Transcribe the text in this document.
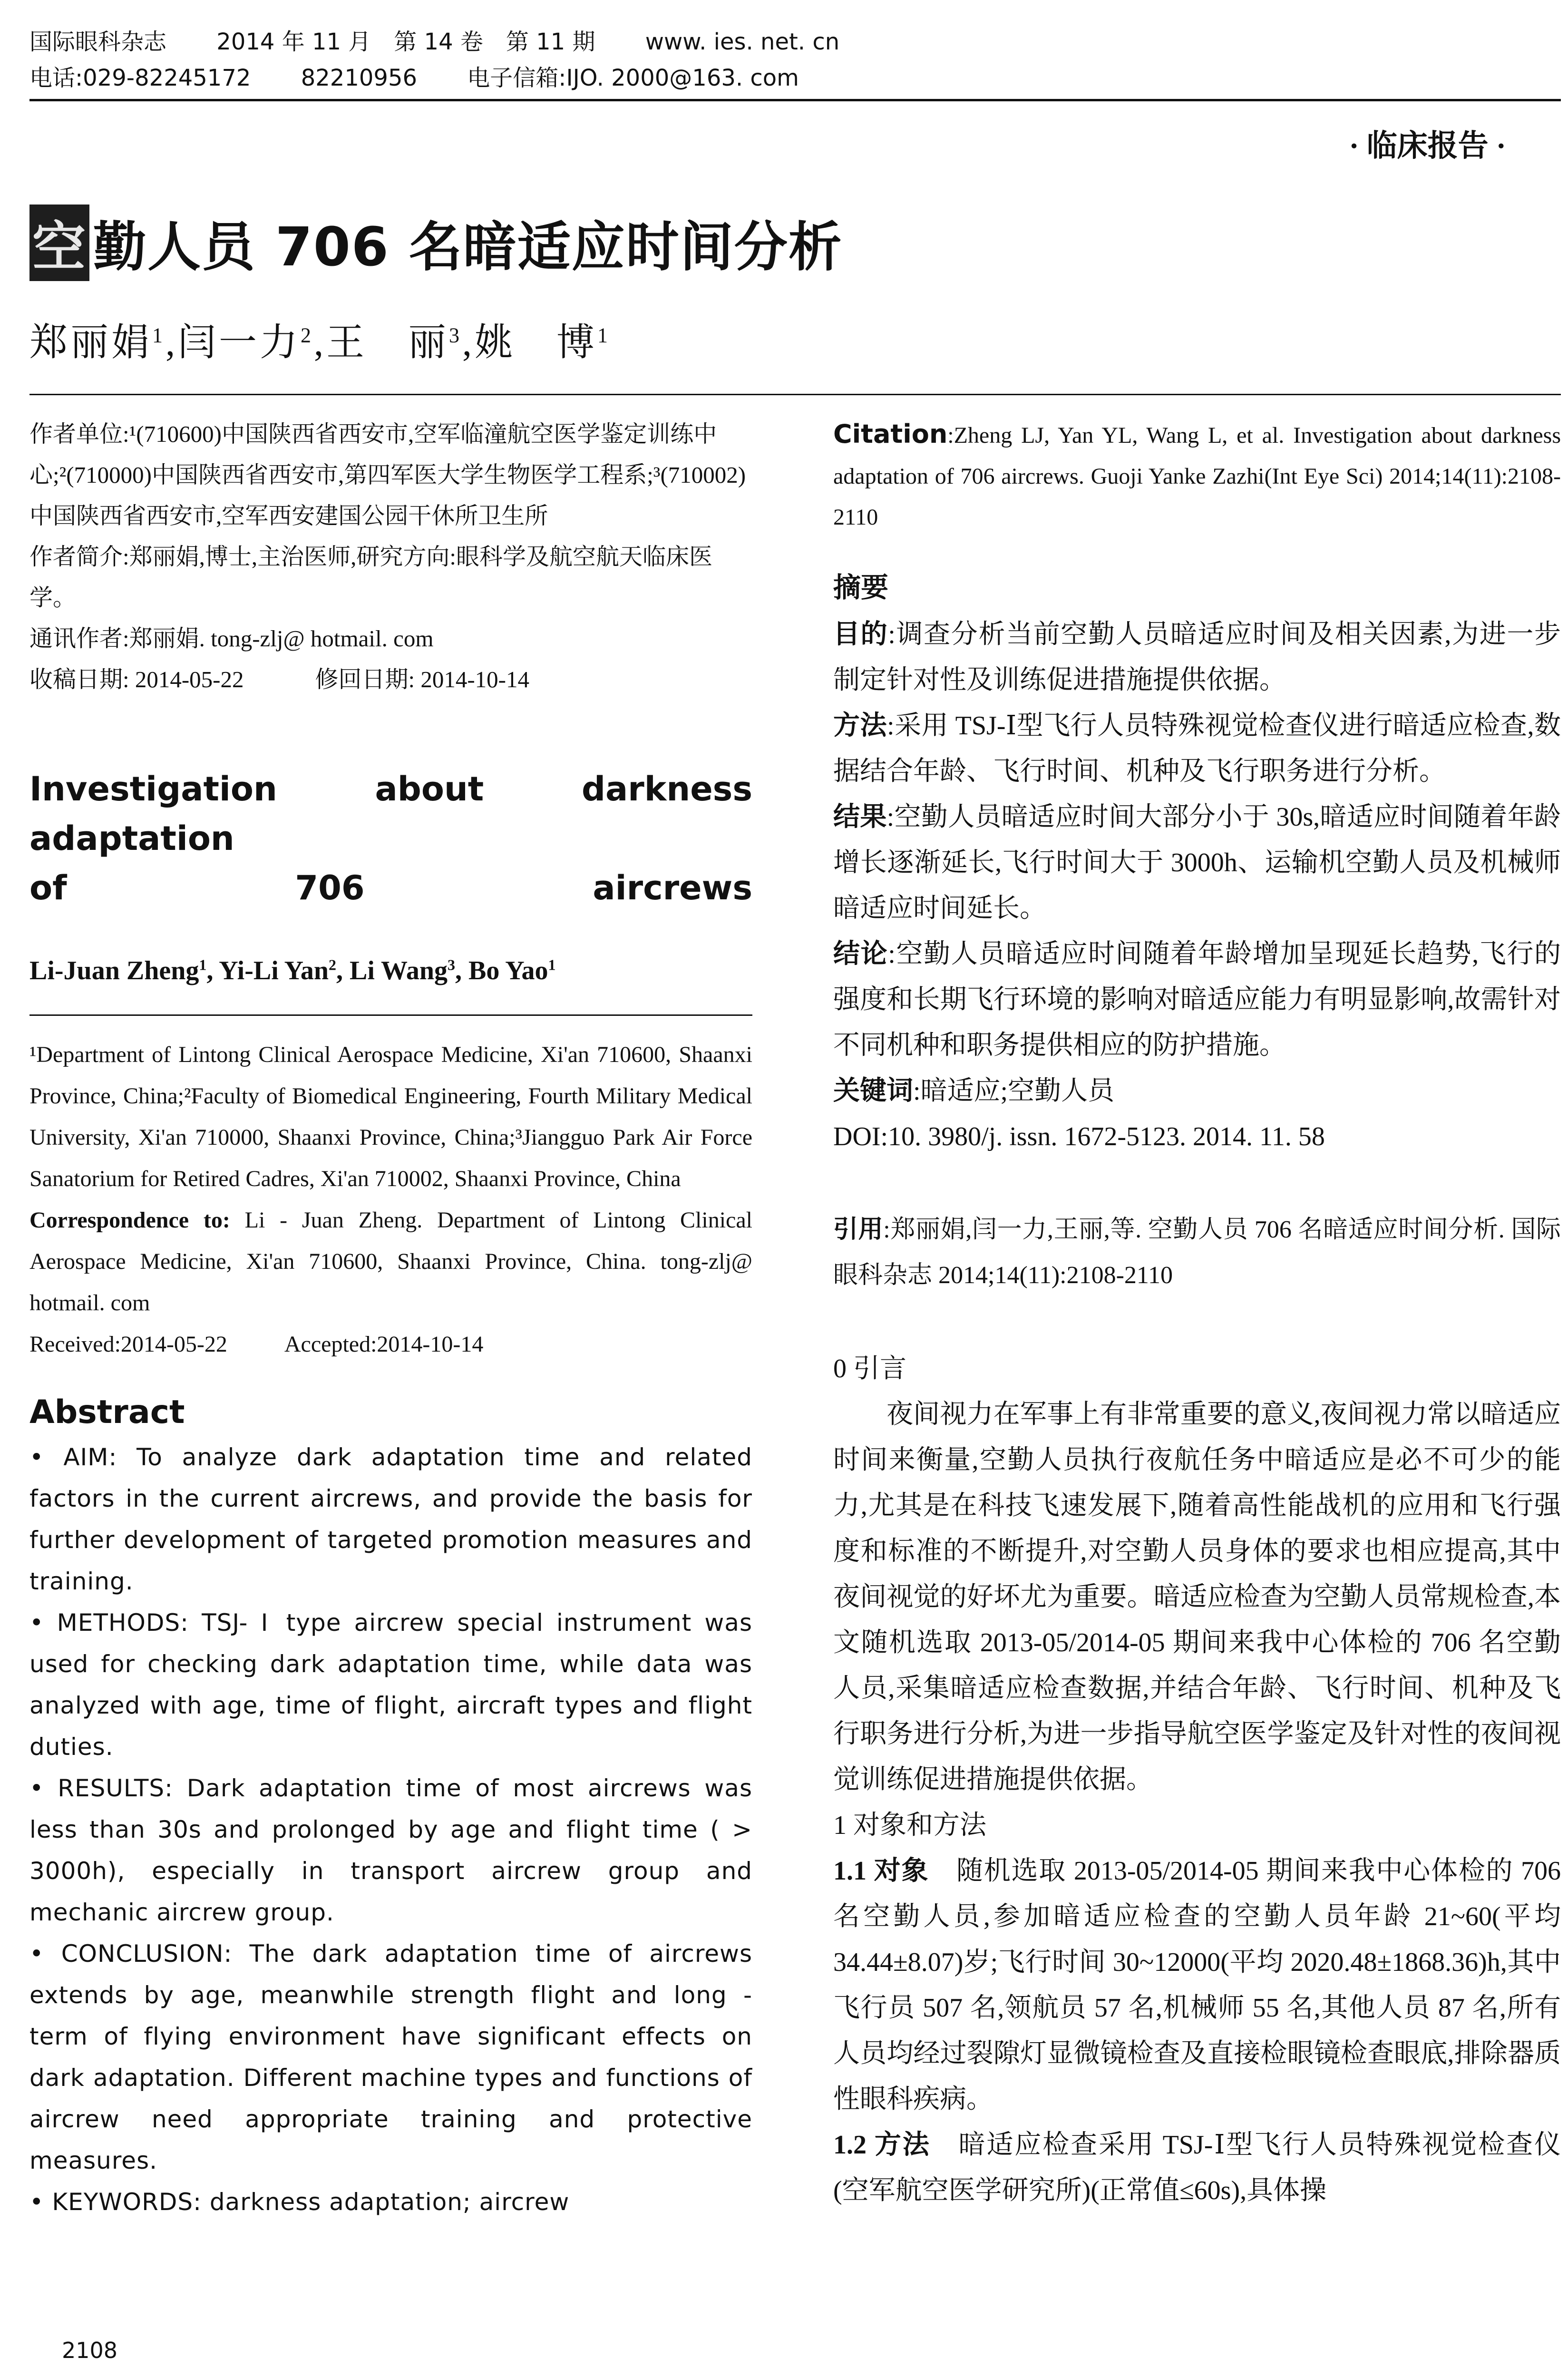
国际眼科杂志 2014 年 11 月　第 14 卷　第 11 期 www. ies. net. cn
电话:029-82245172 82210956 电子信箱:IJO. 2000@163. com
· 临床报告 ·
空 勤人员 706 名暗适应时间分析
郑丽娟$^1$,闫一力$^2$,王　丽$^3$,姚　博$^1$

作者单位:¹(710600)中国陕西省西安市,空军临潼航空医学鉴定训练中心;²(710000)中国陕西省西安市,第四军医大学生物医学工程系;³(710002)中国陕西省西安市,空军西安建国公园干休所卫生所

作者简介:郑丽娟,博士,主治医师,研究方向:眼科学及航空航天临床医学。

通讯作者:郑丽娟. tong-zlj@ hotmail. com

收稿日期: 2014-05-22	修回日期: 2014-10-14

Investigation about darkness adaptation
of 706 aircrews
Li-Juan Zheng$^1$, Yi-Li Yan$^2$, Li Wang$^3$, Bo Yao$^1$

¹Department of Lintong Clinical Aerospace Medicine, Xi'an 710600, Shaanxi Province, China;²Faculty of Biomedical Engineering, Fourth Military Medical University, Xi'an 710000, Shaanxi Province, China;³Jiangguo Park Air Force Sanatorium for Retired Cadres, Xi'an 710002, Shaanxi Province, China

Correspondence to: Li - Juan Zheng. Department of Lintong Clinical Aerospace Medicine, Xi'an 710600, Shaanxi Province, China. tong-zlj@ hotmail. com

Received:2014-05-22	Accepted:2014-10-14

Abstract

• AIM: To analyze dark adaptation time and related factors in the current aircrews, and provide the basis for further development of targeted promotion measures and training.

• METHODS: TSJ- Ⅰ type aircrew special instrument was used for checking dark adaptation time, while data was analyzed with age, time of flight, aircraft types and flight duties.

• RESULTS: Dark adaptation time of most aircrews was less than 30s and prolonged by age and flight time ( > 3000h), especially in transport aircrew group and mechanic aircrew group.

• CONCLUSION: The dark adaptation time of aircrews extends by age, meanwhile strength flight and long - term of flying environment have significant effects on dark adaptation. Different machine types and functions of aircrew need appropriate training and protective measures.

• KEYWORDS: darkness adaptation; aircrew

2108

Citation:Zheng LJ, Yan YL, Wang L, et al. Investigation about darkness adaptation of 706 aircrews. Guoji Yanke Zazhi(Int Eye Sci) 2014;14(11):2108-2110

摘要

目的:调查分析当前空勤人员暗适应时间及相关因素,为进一步制定针对性及训练促进措施提供依据。

方法:采用 TSJ-Ⅰ型飞行人员特殊视觉检查仪进行暗适应检查,数据结合年龄、飞行时间、机种及飞行职务进行分析。

结果:空勤人员暗适应时间大部分小于 30s,暗适应时间随着年龄增长逐渐延长,飞行时间大于 3000h、运输机空勤人员及机械师暗适应时间延长。

结论:空勤人员暗适应时间随着年龄增加呈现延长趋势,飞行的强度和长期飞行环境的影响对暗适应能力有明显影响,故需针对不同机种和职务提供相应的防护措施。

关键词:暗适应;空勤人员

DOI:10. 3980/j. issn. 1672-5123. 2014. 11. 58

引用:郑丽娟,闫一力,王丽,等. 空勤人员 706 名暗适应时间分析. 国际眼科杂志 2014;14(11):2108-2110

0 引言

夜间视力在军事上有非常重要的意义,夜间视力常以暗适应时间来衡量,空勤人员执行夜航任务中暗适应是必不可少的能力,尤其是在科技飞速发展下,随着高性能战机的应用和飞行强度和标准的不断提升,对空勤人员身体的要求也相应提高,其中夜间视觉的好坏尤为重要。暗适应检查为空勤人员常规检查,本文随机选取 2013-05/2014-05 期间来我中心体检的 706 名空勤人员,采集暗适应检查数据,并结合年龄、飞行时间、机种及飞行职务进行分析,为进一步指导航空医学鉴定及针对性的夜间视觉训练促进措施提供依据。

1 对象和方法

1.1 对象　随机选取 2013-05/2014-05 期间来我中心体检的 706 名空勤人员,参加暗适应检查的空勤人员年龄 21~60(平均 34.44±8.07)岁;飞行时间 30~12000(平均 2020.48±1868.36)h,其中飞行员 507 名,领航员 57 名,机械师 55 名,其他人员 87 名,所有人员均经过裂隙灯显微镜检查及直接检眼镜检查眼底,排除器质性眼科疾病。

1.2 方法　暗适应检查采用 TSJ-Ⅰ型飞行人员特殊视觉检查仪(空军航空医学研究所)(正常值≤60s),具体操
